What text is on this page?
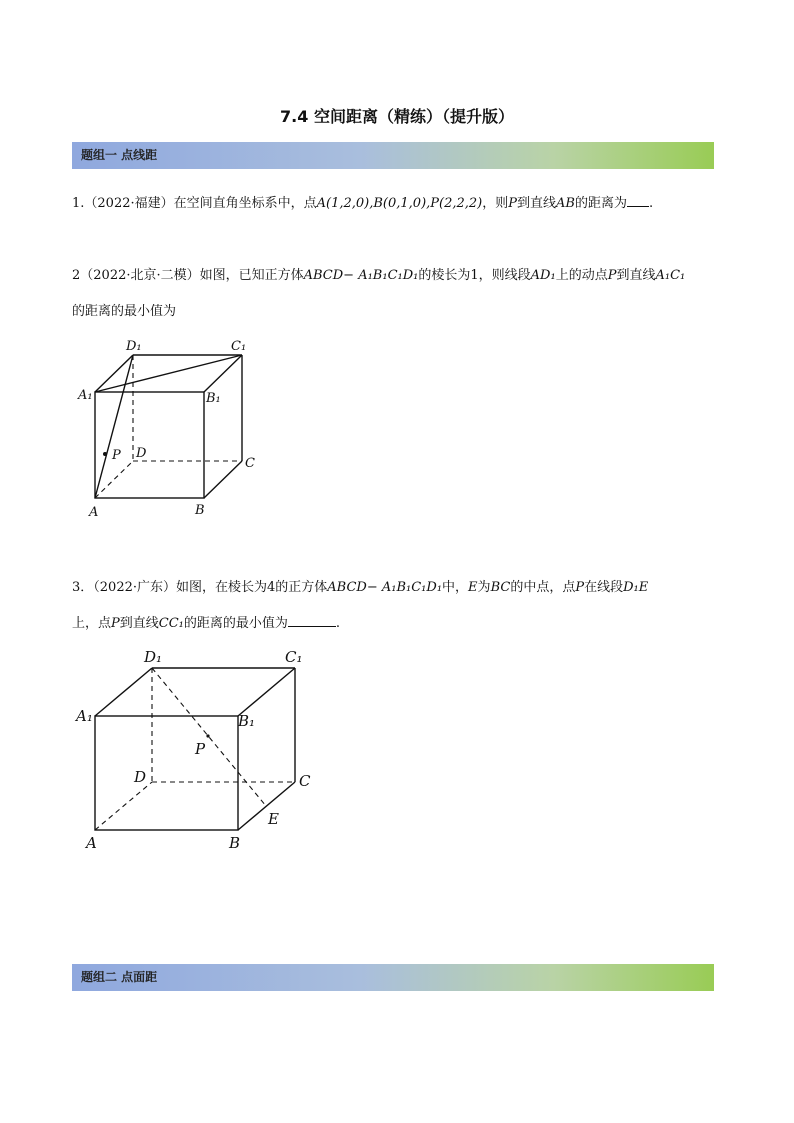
7.4 空间距离（精练）（提升版）
题组一 点线距
1.（2022·福建）在空间直角坐标系中，点A(1,2,0),B(0,1,0),P(2,2,2)，则P到直线AB的距离为 .
2（2022·北京·二模）如图，已知正方体ABCD− A₁B₁C₁D₁的棱长为1，则线段AD₁上的动点P到直线A₁C₁
的距离的最小值为
D₁	C₁
A₁	B₁
P D
C
A	B
3．（2022·广东）如图，在棱长为4的正方体ABCD− A₁B₁C₁D₁中，E为BC的中点，点P在线段D₁E
上，点P到直线CC₁的距离的最小值为	.
D₁	C₁
A₁	B₁
P
D	C
E
A	B
题组二 点面距
